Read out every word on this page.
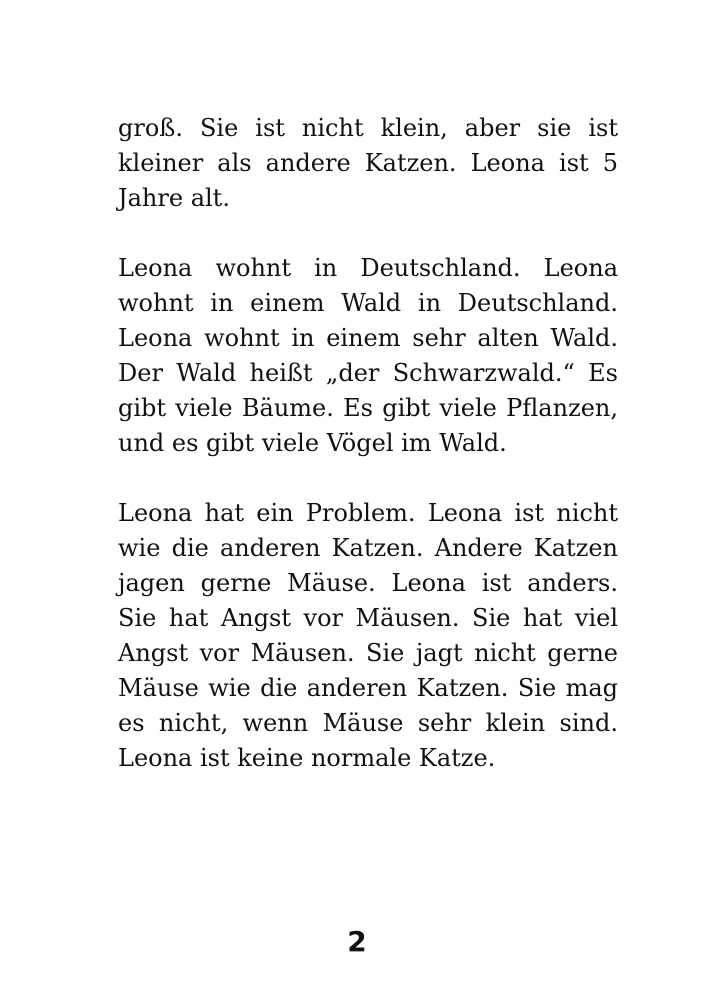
groß. Sie ist nicht klein, aber sie ist kleiner als andere Katzen. Leona ist 5 Jahre alt.

Leona wohnt in Deutschland. Leona wohnt in einem Wald in Deutschland. Leona wohnt in einem sehr alten Wald. Der Wald heißt „der Schwarzwald.“ Es gibt viele Bäume. Es gibt viele Pflanzen, und es gibt viele Vögel im Wald.

Leona hat ein Problem. Leona ist nicht wie die anderen Katzen. Andere Katzen jagen gerne Mäuse. Leona ist anders. Sie hat Angst vor Mäusen. Sie hat viel Angst vor Mäusen. Sie jagt nicht gerne Mäuse wie die anderen Katzen. Sie mag es nicht, wenn Mäuse sehr klein sind. Leona ist keine normale Katze.

2
